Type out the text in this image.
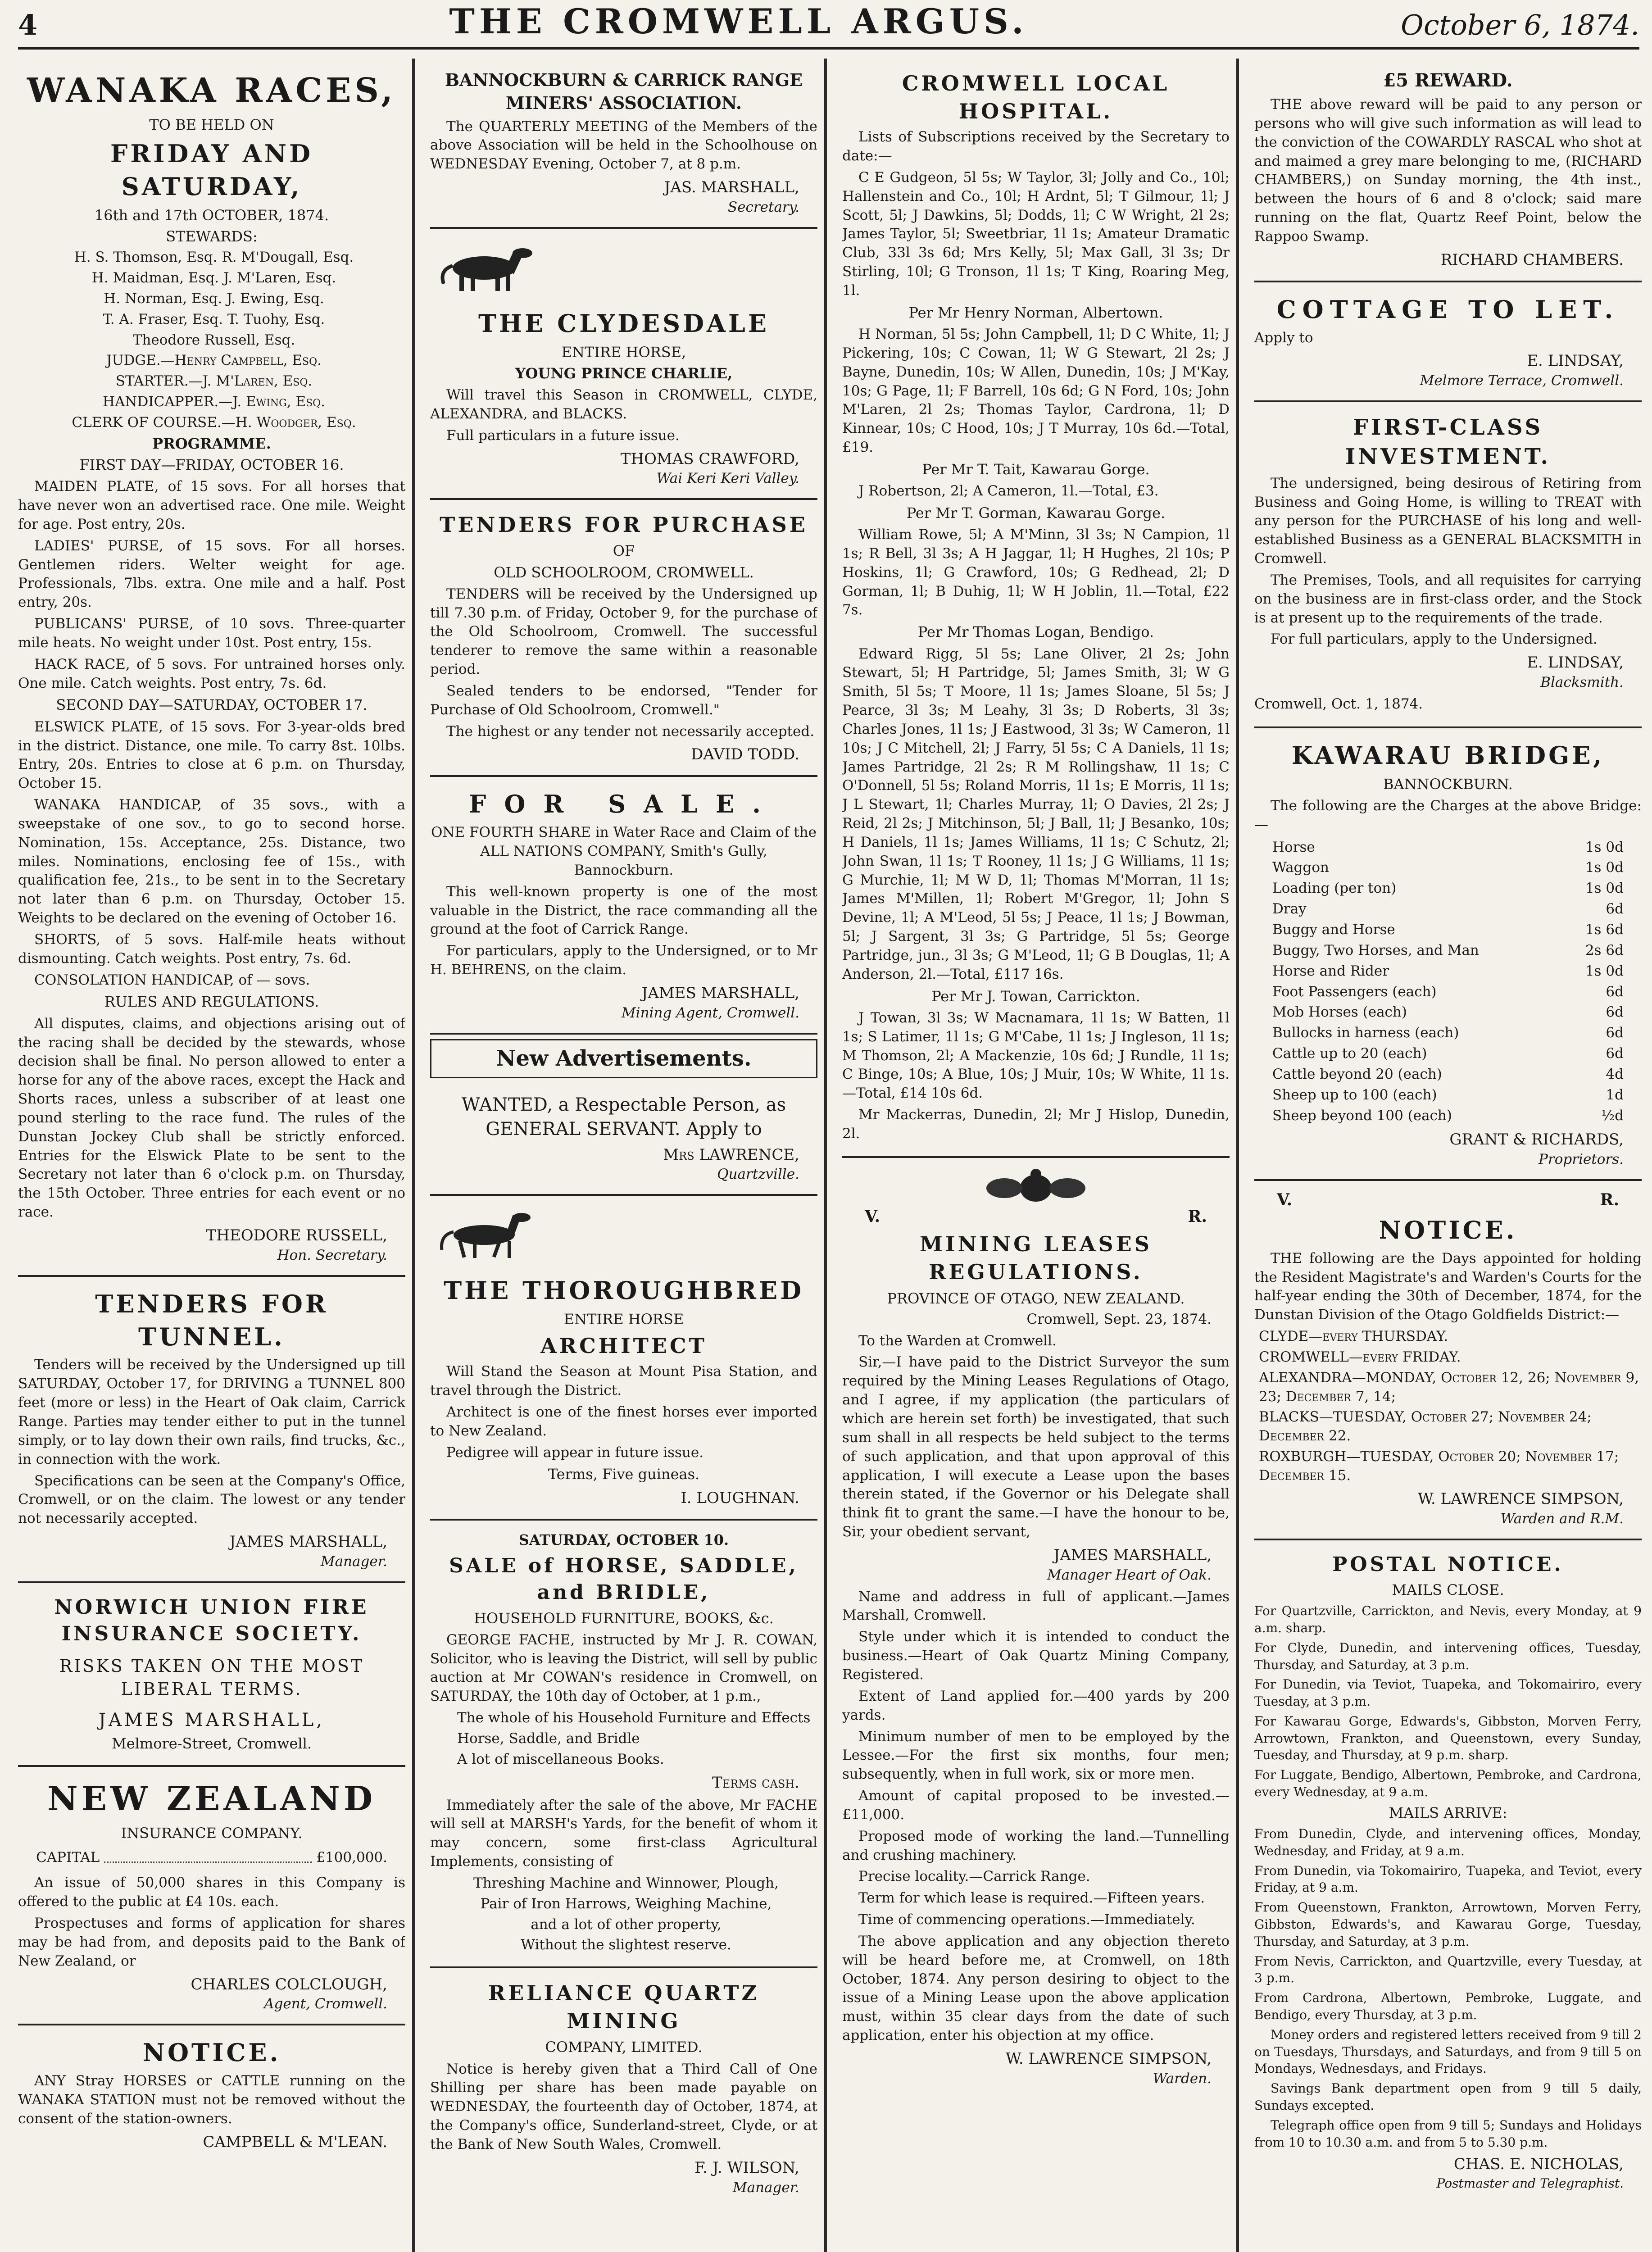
4	THE CROMWELL ARGUS.	October 6, 1874.
WANAKA RACES,
TO BE HELD ON
FRIDAY AND SATURDAY,
16th and 17th OCTOBER, 1874.
STEWARDS:
H. S. Thomson, Esq. R. M'Dougall, Esq.
H. Maidman, Esq. J. M'Laren, Esq.
H. Norman, Esq. J. Ewing, Esq.
T. A. Fraser, Esq. T. Tuohy, Esq.
Theodore Russell, Esq.
JUDGE.—Henry Campbell, Esq.
STARTER.—J. M'Laren, Esq.
HANDICAPPER.—J. Ewing, Esq.
CLERK OF COURSE.—H. Woodger, Esq.
PROGRAMME.
FIRST DAY—FRIDAY, OCTOBER 16.

MAIDEN PLATE, of 15 sovs. For all horses that have never won an advertised race. One mile. Weight for age. Post entry, 20s.

LADIES' PURSE, of 15 sovs. For all horses. Gentlemen riders. Welter weight for age. Professionals, 7lbs. extra. One mile and a half. Post entry, 20s.

PUBLICANS' PURSE, of 10 sovs. Three-quarter mile heats. No weight under 10st. Post entry, 15s.

HACK RACE, of 5 sovs. For untrained horses only. One mile. Catch weights. Post entry, 7s. 6d.

SECOND DAY—SATURDAY, OCTOBER 17.

ELSWICK PLATE, of 15 sovs. For 3-year-olds bred in the district. Distance, one mile. To carry 8st. 10lbs. Entry, 20s. Entries to close at 6 p.m. on Thursday, October 15.

WANAKA HANDICAP, of 35 sovs., with a sweepstake of one sov., to go to second horse. Nomination, 15s. Acceptance, 25s. Distance, two miles. Nominations, enclosing fee of 15s., with qualification fee, 21s., to be sent in to the Secretary not later than 6 p.m. on Thursday, October 15. Weights to be declared on the evening of October 16.

SHORTS, of 5 sovs. Half-mile heats without dismounting. Catch weights. Post entry, 7s. 6d.

CONSOLATION HANDICAP, of — sovs.

RULES AND REGULATIONS.

All disputes, claims, and objections arising out of the racing shall be decided by the stewards, whose decision shall be final. No person allowed to enter a horse for any of the above races, except the Hack and Shorts races, unless a subscriber of at least one pound sterling to the race fund. The rules of the Dunstan Jockey Club shall be strictly enforced. Entries for the Elswick Plate to be sent to the Secretary not later than 6 o'clock p.m. on Thursday, the 15th October. Three entries for each event or no race.

THEODORE RUSSELL,
Hon. Secretary.
TENDERS FOR TUNNEL.

Tenders will be received by the Undersigned up till SATURDAY, October 17, for DRIVING a TUNNEL 800 feet (more or less) in the Heart of Oak claim, Carrick Range. Parties may tender either to put in the tunnel simply, or to lay down their own rails, find trucks, &c., in connection with the work.

Specifications can be seen at the Company's Office, Cromwell, or on the claim. The lowest or any tender not necessarily accepted.

JAMES MARSHALL,
Manager.
NORWICH UNION FIRE INSURANCE SOCIETY.
RISKS TAKEN ON THE MOST LIBERAL TERMS.
JAMES MARSHALL,
Melmore-Street, Cromwell.
NEW ZEALAND
INSURANCE COMPANY.
CAPITAL	£100,000.

An issue of 50,000 shares in this Company is offered to the public at £4 10s. each.

Prospectuses and forms of application for shares may be had from, and deposits paid to the Bank of New Zealand, or

CHARLES COLCLOUGH,
Agent, Cromwell.
NOTICE.

ANY Stray HORSES or CATTLE running on the WANAKA STATION must not be removed without the consent of the station-owners.

CAMPBELL & M'LEAN.
BANNOCKBURN & CARRICK RANGE MINERS' ASSOCIATION.

The QUARTERLY MEETING of the Members of the above Association will be held in the Schoolhouse on WEDNESDAY Evening, October 7, at 8 p.m.

JAS. MARSHALL,
Secretary.
THE CLYDESDALE
ENTIRE HORSE,
YOUNG PRINCE CHARLIE,

Will travel this Season in CROMWELL, CLYDE, ALEXANDRA, and BLACKS.

Full particulars in a future issue.

THOMAS CRAWFORD,
Wai Keri Keri Valley.
TENDERS FOR PURCHASE
OF
OLD SCHOOLROOM, CROMWELL.

TENDERS will be received by the Undersigned up till 7.30 p.m. of Friday, October 9, for the purchase of the Old Schoolroom, Cromwell. The successful tenderer to remove the same within a reasonable period.

Sealed tenders to be endorsed, "Tender for Purchase of Old Schoolroom, Cromwell."

The highest or any tender not necessarily accepted.

DAVID TODD.
FOR SALE.

ONE FOURTH SHARE in Water Race and Claim of the ALL NATIONS COMPANY, Smith's Gully, Bannockburn.

This well-known property is one of the most valuable in the District, the race commanding all the ground at the foot of Carrick Range.

For particulars, apply to the Undersigned, or to Mr H. BEHRENS, on the claim.

JAMES MARSHALL,
Mining Agent, Cromwell.
New Advertisements.
WANTED, a Respectable Person, as GENERAL SERVANT. Apply to
Mrs LAWRENCE,
Quartzville.
THE THOROUGHBRED
ENTIRE HORSE
ARCHITECT

Will Stand the Season at Mount Pisa Station, and travel through the District.

Architect is one of the finest horses ever imported to New Zealand.

Pedigree will appear in future issue.

Terms, Five guineas.
I. LOUGHNAN.
SATURDAY, OCTOBER 10.
SALE of HORSE, SADDLE, and BRIDLE,
HOUSEHOLD FURNITURE, BOOKS, &c.

GEORGE FACHE, instructed by Mr J. R. COWAN, Solicitor, who is leaving the District, will sell by public auction at Mr COWAN's residence in Cromwell, on SATURDAY, the 10th day of October, at 1 p.m.,

The whole of his Household Furniture and Effects
Horse, Saddle, and Bridle
A lot of miscellaneous Books.
Terms cash.

Immediately after the sale of the above, Mr FACHE will sell at MARSH's Yards, for the benefit of whom it may concern, some first-class Agricultural Implements, consisting of

Threshing Machine and Winnower, Plough,
Pair of Iron Harrows, Weighing Machine,
and a lot of other property,
Without the slightest reserve.
RELIANCE QUARTZ MINING
COMPANY, LIMITED.

Notice is hereby given that a Third Call of One Shilling per share has been made payable on WEDNESDAY, the fourteenth day of October, 1874, at the Company's office, Sunderland-street, Clyde, or at the Bank of New South Wales, Cromwell.

F. J. WILSON,
Manager.
CROMWELL LOCAL HOSPITAL.

Lists of Subscriptions received by the Secretary to date:—

C E Gudgeon, 5l 5s; W Taylor, 3l; Jolly and Co., 10l; Hallenstein and Co., 10l; H Ardnt, 5l; T Gilmour, 1l; J Scott, 5l; J Dawkins, 5l; Dodds, 1l; C W Wright, 2l 2s; James Taylor, 5l; Sweetbriar, 1l 1s; Amateur Dramatic Club, 33l 3s 6d; Mrs Kelly, 5l; Max Gall, 3l 3s; Dr Stirling, 10l; G Tronson, 1l 1s; T King, Roaring Meg, 1l.

Per Mr Henry Norman, Albertown.

H Norman, 5l 5s; John Campbell, 1l; D C White, 1l; J Pickering, 10s; C Cowan, 1l; W G Stewart, 2l 2s; J Bayne, Dunedin, 10s; W Allen, Dunedin, 10s; J M'Kay, 10s; G Page, 1l; F Barrell, 10s 6d; G N Ford, 10s; John M'Laren, 2l 2s; Thomas Taylor, Cardrona, 1l; D Kinnear, 10s; C Hood, 10s; J T Murray, 10s 6d.—Total, £19.

Per Mr T. Tait, Kawarau Gorge.

J Robertson, 2l; A Cameron, 1l.—Total, £3.

Per Mr T. Gorman, Kawarau Gorge.

William Rowe, 5l; A M'Minn, 3l 3s; N Campion, 1l 1s; R Bell, 3l 3s; A H Jaggar, 1l; H Hughes, 2l 10s; P Hoskins, 1l; G Crawford, 10s; G Redhead, 2l; D Gorman, 1l; B Duhig, 1l; W H Joblin, 1l.—Total, £22 7s.

Per Mr Thomas Logan, Bendigo.

Edward Rigg, 5l 5s; Lane Oliver, 2l 2s; John Stewart, 5l; H Partridge, 5l; James Smith, 3l; W G Smith, 5l 5s; T Moore, 1l 1s; James Sloane, 5l 5s; J Pearce, 3l 3s; M Leahy, 3l 3s; D Roberts, 3l 3s; Charles Jones, 1l 1s; J Eastwood, 3l 3s; W Cameron, 1l 10s; J C Mitchell, 2l; J Farry, 5l 5s; C A Daniels, 1l 1s; James Partridge, 2l 2s; R M Rollingshaw, 1l 1s; C O'Donnell, 5l 5s; Roland Morris, 1l 1s; E Morris, 1l 1s; J L Stewart, 1l; Charles Murray, 1l; O Davies, 2l 2s; J Reid, 2l 2s; J Mitchinson, 5l; J Ball, 1l; J Besanko, 10s; H Daniels, 1l 1s; James Williams, 1l 1s; C Schutz, 2l; John Swan, 1l 1s; T Rooney, 1l 1s; J G Williams, 1l 1s; G Murchie, 1l; M W D, 1l; Thomas M'Morran, 1l 1s; James M'Millen, 1l; Robert M'Gregor, 1l; John S Devine, 1l; A M'Leod, 5l 5s; J Peace, 1l 1s; J Bowman, 5l; J Sargent, 3l 3s; G Partridge, 5l 5s; George Partridge, jun., 3l 3s; G M'Leod, 1l; G B Douglas, 1l; A Anderson, 2l.—Total, £117 16s.

Per Mr J. Towan, Carrickton.

J Towan, 3l 3s; W Macnamara, 1l 1s; W Batten, 1l 1s; S Latimer, 1l 1s; G M'Cabe, 1l 1s; J Ingleson, 1l 1s; M Thomson, 2l; A Mackenzie, 10s 6d; J Rundle, 1l 1s; C Binge, 10s; A Blue, 10s; J Muir, 10s; W White, 1l 1s.—Total, £14 10s 6d.

Mr Mackerras, Dunedin, 2l; Mr J Hislop, Dunedin, 2l.

V.	R.
MINING LEASES REGULATIONS.
PROVINCE OF OTAGO, NEW ZEALAND.
Cromwell, Sept. 23, 1874.

To the Warden at Cromwell.

Sir,—I have paid to the District Surveyor the sum required by the Mining Leases Regulations of Otago, and I agree, if my application (the particulars of which are herein set forth) be investigated, that such sum shall in all respects be held subject to the terms of such application, and that upon approval of this application, I will execute a Lease upon the bases therein stated, if the Governor or his Delegate shall think fit to grant the same.—I have the honour to be, Sir, your obedient servant,

JAMES MARSHALL,
Manager Heart of Oak.

Name and address in full of applicant.—James Marshall, Cromwell.

Style under which it is intended to conduct the business.—Heart of Oak Quartz Mining Company, Registered.

Extent of Land applied for.—400 yards by 200 yards.

Minimum number of men to be employed by the Lessee.—For the first six months, four men; subsequently, when in full work, six or more men.

Amount of capital proposed to be invested.—£11,000.

Proposed mode of working the land.—Tunnelling and crushing machinery.

Precise locality.—Carrick Range.

Term for which lease is required.—Fifteen years.

Time of commencing operations.—Immediately.

The above application and any objection thereto will be heard before me, at Cromwell, on 18th October, 1874. Any person desiring to object to the issue of a Mining Lease upon the above application must, within 35 clear days from the date of such application, enter his objection at my office.

W. LAWRENCE SIMPSON,
Warden.
£5 REWARD.

THE above reward will be paid to any person or persons who will give such information as will lead to the conviction of the COWARDLY RASCAL who shot at and maimed a grey mare belonging to me, (RICHARD CHAMBERS,) on Sunday morning, the 4th inst., between the hours of 6 and 8 o'clock; said mare running on the flat, Quartz Reef Point, below the Rappoo Swamp.

RICHARD CHAMBERS.
COTTAGE TO LET.

Apply to

E. LINDSAY,
Melmore Terrace, Cromwell.
FIRST-CLASS INVESTMENT.

The undersigned, being desirous of Retiring from Business and Going Home, is willing to TREAT with any person for the PURCHASE of his long and well-established Business as a GENERAL BLACKSMITH in Cromwell.

The Premises, Tools, and all requisites for carrying on the business are in first-class order, and the Stock is at present up to the requirements of the trade.

For full particulars, apply to the Undersigned.

E. LINDSAY,
Blacksmith.

Cromwell, Oct. 1, 1874.

KAWARAU BRIDGE,
BANNOCKBURN.

The following are the Charges at the above Bridge:—

Horse	1s 0d
Waggon	1s 0d
Loading (per ton)	1s 0d
Dray	6d
Buggy and Horse	1s 6d
Buggy, Two Horses, and Man	2s 6d
Horse and Rider	1s 0d
Foot Passengers (each)	6d
Mob Horses (each)	6d
Bullocks in harness (each)	6d
Cattle up to 20 (each)	6d
Cattle beyond 20 (each)	4d
Sheep up to 100 (each)	1d
Sheep beyond 100 (each)	½d
GRANT & RICHARDS,
Proprietors.
V.	R.
NOTICE.

THE following are the Days appointed for holding the Resident Magistrate's and Warden's Courts for the half-year ending the 30th of December, 1874, for the Dunstan Division of the Otago Goldfields District:—

CLYDE—every THURSDAY.
CROMWELL—every FRIDAY.
ALEXANDRA—MONDAY, October 12, 26; November 9, 23; December 7, 14;
BLACKS—TUESDAY, October 27; November 24; December 22.
ROXBURGH—TUESDAY, October 20; November 17; December 15.
W. LAWRENCE SIMPSON,
Warden and R.M.
POSTAL NOTICE.
MAILS CLOSE.

For Quartzville, Carrickton, and Nevis, every Monday, at 9 a.m. sharp.

For Clyde, Dunedin, and intervening offices, Tuesday, Thursday, and Saturday, at 3 p.m.

For Dunedin, via Teviot, Tuapeka, and Tokomairiro, every Tuesday, at 3 p.m.

For Kawarau Gorge, Edwards's, Gibbston, Morven Ferry, Arrowtown, Frankton, and Queenstown, every Sunday, Tuesday, and Thursday, at 9 p.m. sharp.

For Luggate, Bendigo, Albertown, Pembroke, and Cardrona, every Wednesday, at 9 a.m.

MAILS ARRIVE:

From Dunedin, Clyde, and intervening offices, Monday, Wednesday, and Friday, at 9 a.m.

From Dunedin, via Tokomairiro, Tuapeka, and Teviot, every Friday, at 9 a.m.

From Queenstown, Frankton, Arrowtown, Morven Ferry, Gibbston, Edwards's, and Kawarau Gorge, Tuesday, Thursday, and Saturday, at 3 p.m.

From Nevis, Carrickton, and Quartzville, every Tuesday, at 3 p.m.

From Cardrona, Albertown, Pembroke, Luggate, and Bendigo, every Thursday, at 3 p.m.

Money orders and registered letters received from 9 till 2 on Tuesdays, Thursdays, and Saturdays, and from 9 till 5 on Mondays, Wednesdays, and Fridays.

Savings Bank department open from 9 till 5 daily, Sundays excepted.

Telegraph office open from 9 till 5; Sundays and Holidays from 10 to 10.30 a.m. and from 5 to 5.30 p.m.

CHAS. E. NICHOLAS,
Postmaster and Telegraphist.
